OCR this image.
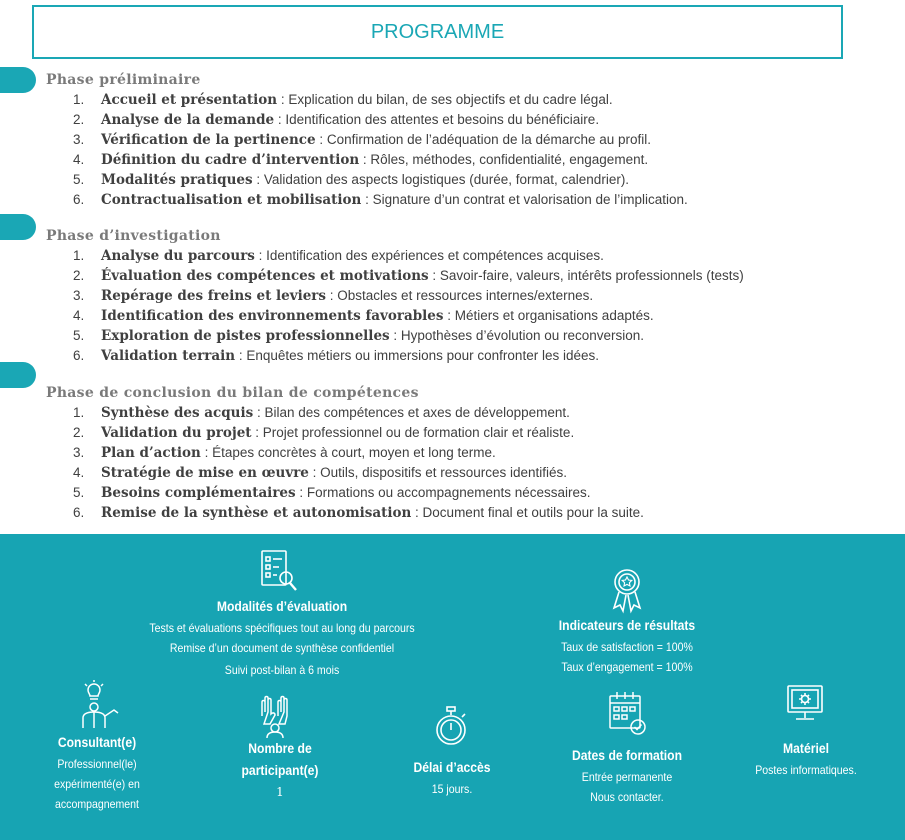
PROGRAMME
Phase préliminaire
1. Accueil et présentation : Explication du bilan, de ses objectifs et du cadre légal.
2. Analyse de la demande : Identification des attentes et besoins du bénéficiaire.
3. Vérification de la pertinence : Confirmation de l’adéquation de la démarche au profil.
4. Définition du cadre d’intervention : Rôles, méthodes, confidentialité, engagement.
5. Modalités pratiques : Validation des aspects logistiques (durée, format, calendrier).
6. Contractualisation et mobilisation : Signature d’un contrat et valorisation de l’implication.
Phase d’investigation
1. Analyse du parcours : Identification des expériences et compétences acquises.
2. Évaluation des compétences et motivations : Savoir-faire, valeurs, intérêts professionnels (tests)
3. Repérage des freins et leviers : Obstacles et ressources internes/externes.
4. Identification des environnements favorables : Métiers et organisations adaptés.
5. Exploration de pistes professionnelles : Hypothèses d’évolution ou reconversion.
6. Validation terrain : Enquêtes métiers ou immersions pour confronter les idées.
Phase de conclusion du bilan de compétences
1. Synthèse des acquis : Bilan des compétences et axes de développement.
2. Validation du projet : Projet professionnel ou de formation clair et réaliste.
3. Plan d’action : Étapes concrètes à court, moyen et long terme.
4. Stratégie de mise en œuvre : Outils, dispositifs et ressources identifiés.
5. Besoins complémentaires : Formations ou accompagnements nécessaires.
6. Remise de la synthèse et autonomisation : Document final et outils pour la suite.
Modalités d’évaluation
Tests et évaluations spécifiques tout au long du parcours
Remise d’un document de synthèse confidentiel
Suivi post-bilan à 6 mois
Indicateurs de résultats
Taux de satisfaction = 100%
Taux d’engagement = 100%
Consultant(e)
Professionnel(le)
expérimenté(e) en
accompagnement
Nombre de
participant(e)
1
Délai d’accès
15 jours.
Dates de formation
Entrée permanente
Nous contacter.
Matériel
Postes informatiques.
